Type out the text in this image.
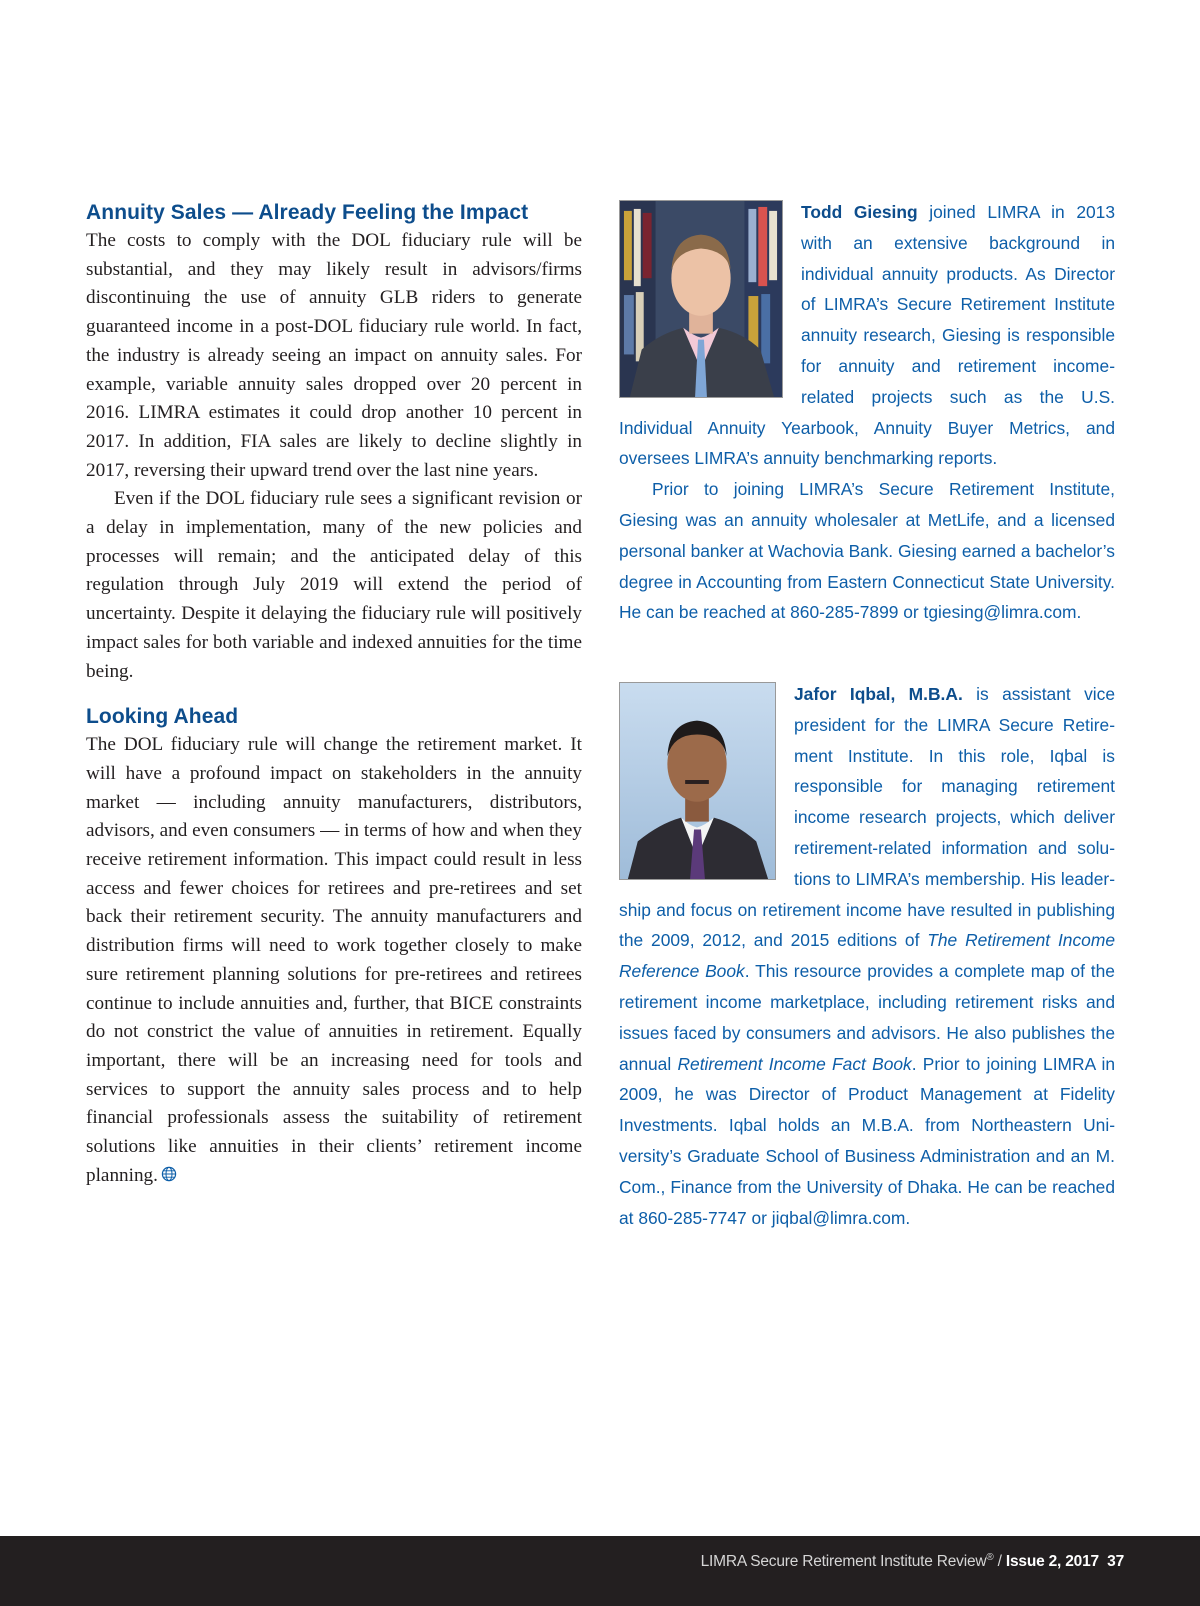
Annuity Sales — Already Feeling the Impact

The costs to comply with the DOL fiduciary rule will be substantial, and they may likely result in advisors/firms discontinuing the use of annuity GLB riders to generate guaranteed income in a post-DOL fiduciary rule world. In fact, the industry is already seeing an impact on annuity sales. For example, variable annuity sales dropped over 20 percent in 2016. LIMRA estimates it could drop another 10 percent in 2017. In addition, FIA sales are likely to decline slightly in 2017, reversing their upward trend over the last nine years.

Even if the DOL fiduciary rule sees a significant revision or a delay in implementation, many of the new policies and processes will remain; and the anticipated delay of this regulation through July 2019 will extend the period of uncertainty. Despite it delaying the fiduciary rule will positively impact sales for both variable and indexed annuities for the time being.

Looking Ahead

The DOL fiduciary rule will change the retirement market. It will have a profound impact on stakeholders in the annuity market — including annuity manufacturers, distributors, advisors, and even consumers — in terms of how and when they receive retirement information. This impact could result in less access and fewer choices for retirees and pre-retirees and set back their retirement security. The annuity manufacturers and distribution firms will need to work together closely to make sure retirement planning solutions for pre-retirees and retirees continue to include annuities and, further, that BICE constraints do not constrict the value of annuities in retirement. Equally important, there will be an increasing need for tools and services to support the annuity sales process and to help financial professionals assess the suitability of retirement solutions like annuities in their clients’ retirement income planning.

Todd Giesing joined LIMRA in 2013 with an extensive background in individual annuity products. As Director of LIMRA’s Secure Retirement Institute annuity research, Giesing is responsible for annuity and retirement income-related projects such as the U.S. Individual Annuity Yearbook, Annuity Buyer Metrics, and oversees LIMRA’s annuity benchmarking reports.

Prior to joining LIMRA’s Secure Retirement Institute, Giesing was an annuity wholesaler at MetLife, and a licensed personal banker at Wachovia Bank. Giesing earned a bachelor’s degree in Accounting from Eastern Connecticut State University. He can be reached at 860-285-7899 or tgiesing@limra.com.

Jafor Iqbal, M.B.A. is assistant vice president for the LIMRA Secure Retirement Institute. In this role, Iqbal is responsible for managing retirement income research projects, which deliver retirement-related information and solutions to LIMRA’s membership. His leadership and focus on retirement income have resulted in publishing the 2009, 2012, and 2015 editions of The Retirement Income Reference Book. This resource provides a complete map of the retirement income marketplace, including retirement risks and issues faced by consumers and advisors. He also publishes the annual Retirement Income Fact Book. Prior to joining LIMRA in 2009, he was Director of Product Management at Fidelity Investments. Iqbal holds an M.B.A. from Northeastern University’s Graduate School of Business Administration and an M. Com., Finance from the University of Dhaka. He can be reached at 860-285-7747 or jiqbal@limra.com.

LIMRA Secure Retirement Institute Review® / Issue 2, 2017 37
